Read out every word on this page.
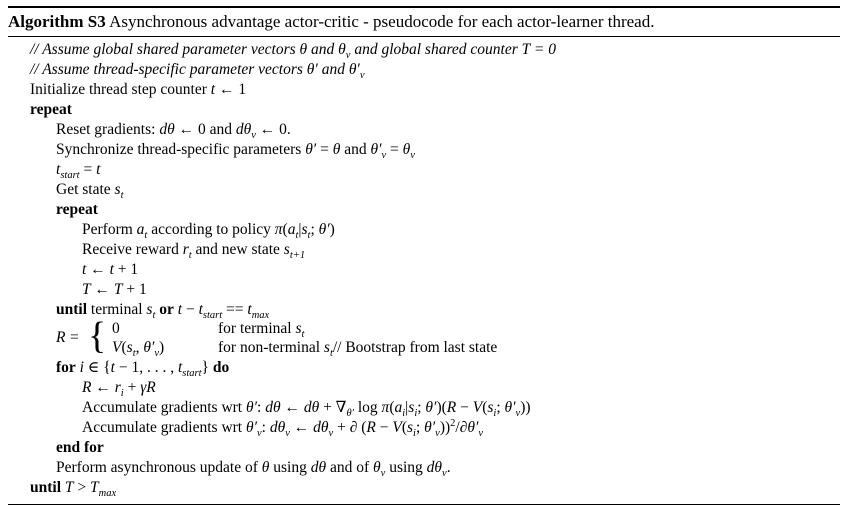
Algorithm S3 Asynchronous advantage actor-critic - pseudocode for each actor-learner thread.
// Assume global shared parameter vectors θ and $\theta_v$ and global shared counter T = 0
// Assume thread-specific parameter vectors θ′ and $\theta'_v$
Initialize thread step counter t ← 1
repeat
Reset gradients: dθ ← 0 and $d\theta_v$ ← 0.
Synchronize thread-specific parameters θ′ = θ and $\theta'_v = \theta_v$
$t_{start} = t$
Get state $s_t$
repeat
Perform $a_t$ according to policy $\pi(a_t|s_t$; θ′)
Receive reward $r_t$ and new state $s_{t+1}$
t ← t + 1
T ← T + 1
until terminal $s_t$ or $t - t_{start} == t_{max}$
R = { 0
$V(s_t$, $\theta'_v$)
for terminal $s_t$
for non-terminal $s_t//$ Bootstrap from last state
for i ∈ {t − 1, . . . , $t_{start}$} do
R ← $r_i + \gamma R$
Accumulate gradients wrt θ′: dθ ← $d\theta + \nabla_{\theta'}$ $\log \pi(a_i|s_i$; $\theta')(R - V(s_i$; $\theta'_v$))
Accumulate gradients wrt $\theta'_v$: $d\theta_v$ ← $d\theta_v$ + ∂ ($R - V(s_i$; $\theta'_v))^2/\partial\theta'_v$
end for
Perform asynchronous update of θ using dθ and of $\theta_v$ using $d\theta_v$.
until $T > T_{max}$
